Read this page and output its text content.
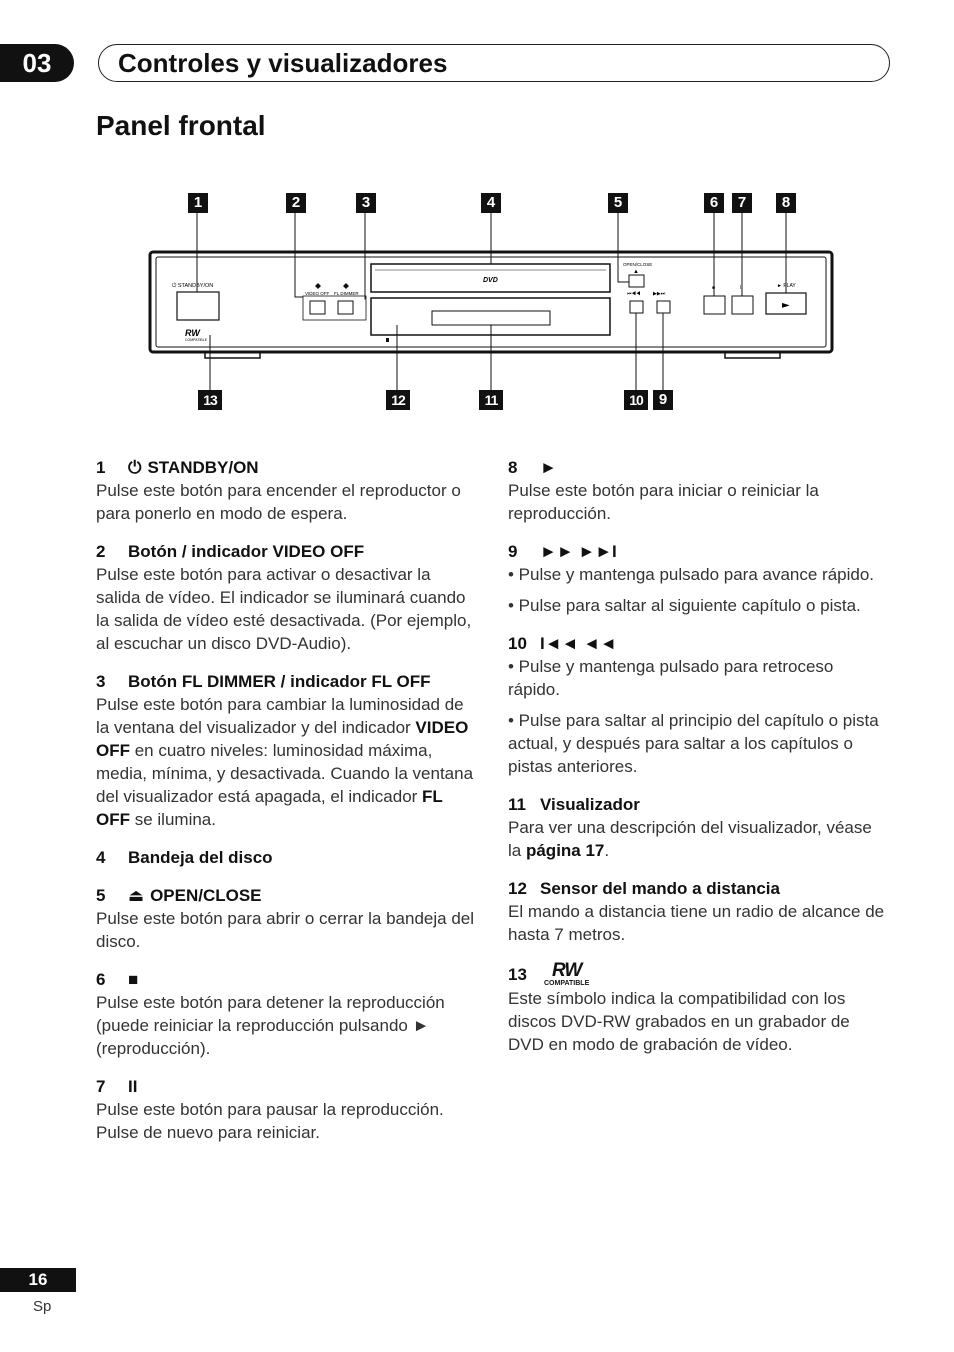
03	Controles y visualizadores
Panel frontal
⏻ STANDBY/ON
RW
COMPATIBLE
VIDEO OFF FL DIMMER
DVD
OPEN/CLOSE
▲
⏮◀◀	▶▶⏭
■	II	► PLAY
►
1	2	3	4	5	6	7	8
13	12	11	10	9
1	⏻ STANDBY/ON
Pulse este botón para encender el reproductor o para ponerlo en modo de espera.
2	Botón / indicador VIDEO OFF
Pulse este botón para activar o desactivar la salida de vídeo. El indicador se iluminará cuando la salida de vídeo esté desactivada. (Por ejemplo, al escuchar un disco DVD-Audio).
3	Botón FL DIMMER / indicador FL OFF
Pulse este botón para cambiar la luminosidad de la ventana del visualizador y del indicador VIDEO OFF en cuatro niveles: luminosidad máxima, media, mínima, y desactivada. Cuando la ventana del visualizador está apagada, el indicador FL OFF se ilumina.
4	Bandeja del disco
5	⏏ OPEN/CLOSE
Pulse este botón para abrir o cerrar la bandeja del disco.
6	■
Pulse este botón para detener la reproducción (puede reiniciar la reproducción pulsando ► (reproducción).
7	II
Pulse este botón para pausar la reproducción. Pulse de nuevo para reiniciar.
8	►
Pulse este botón para iniciar o reiniciar la reproducción.
9	►► ►►I
• Pulse y mantenga pulsado para avance rápido.
• Pulse para saltar al siguiente capítulo o pista.
10 I◄◄ ◄◄
• Pulse y mantenga pulsado para retroceso rápido.
• Pulse para saltar al principio del capítulo o pista actual, y después para saltar a los capítulos o pistas anteriores.
11 Visualizador
Para ver una descripción del visualizador, véase la página 17.
12 Sensor del mando a distancia
El mando a distancia tiene un radio de alcance de hasta 7 metros.
13	RW
COMPATIBLE
Este símbolo indica la compatibilidad con los discos DVD-RW grabados en un grabador de DVD en modo de grabación de vídeo.
16
Sp
